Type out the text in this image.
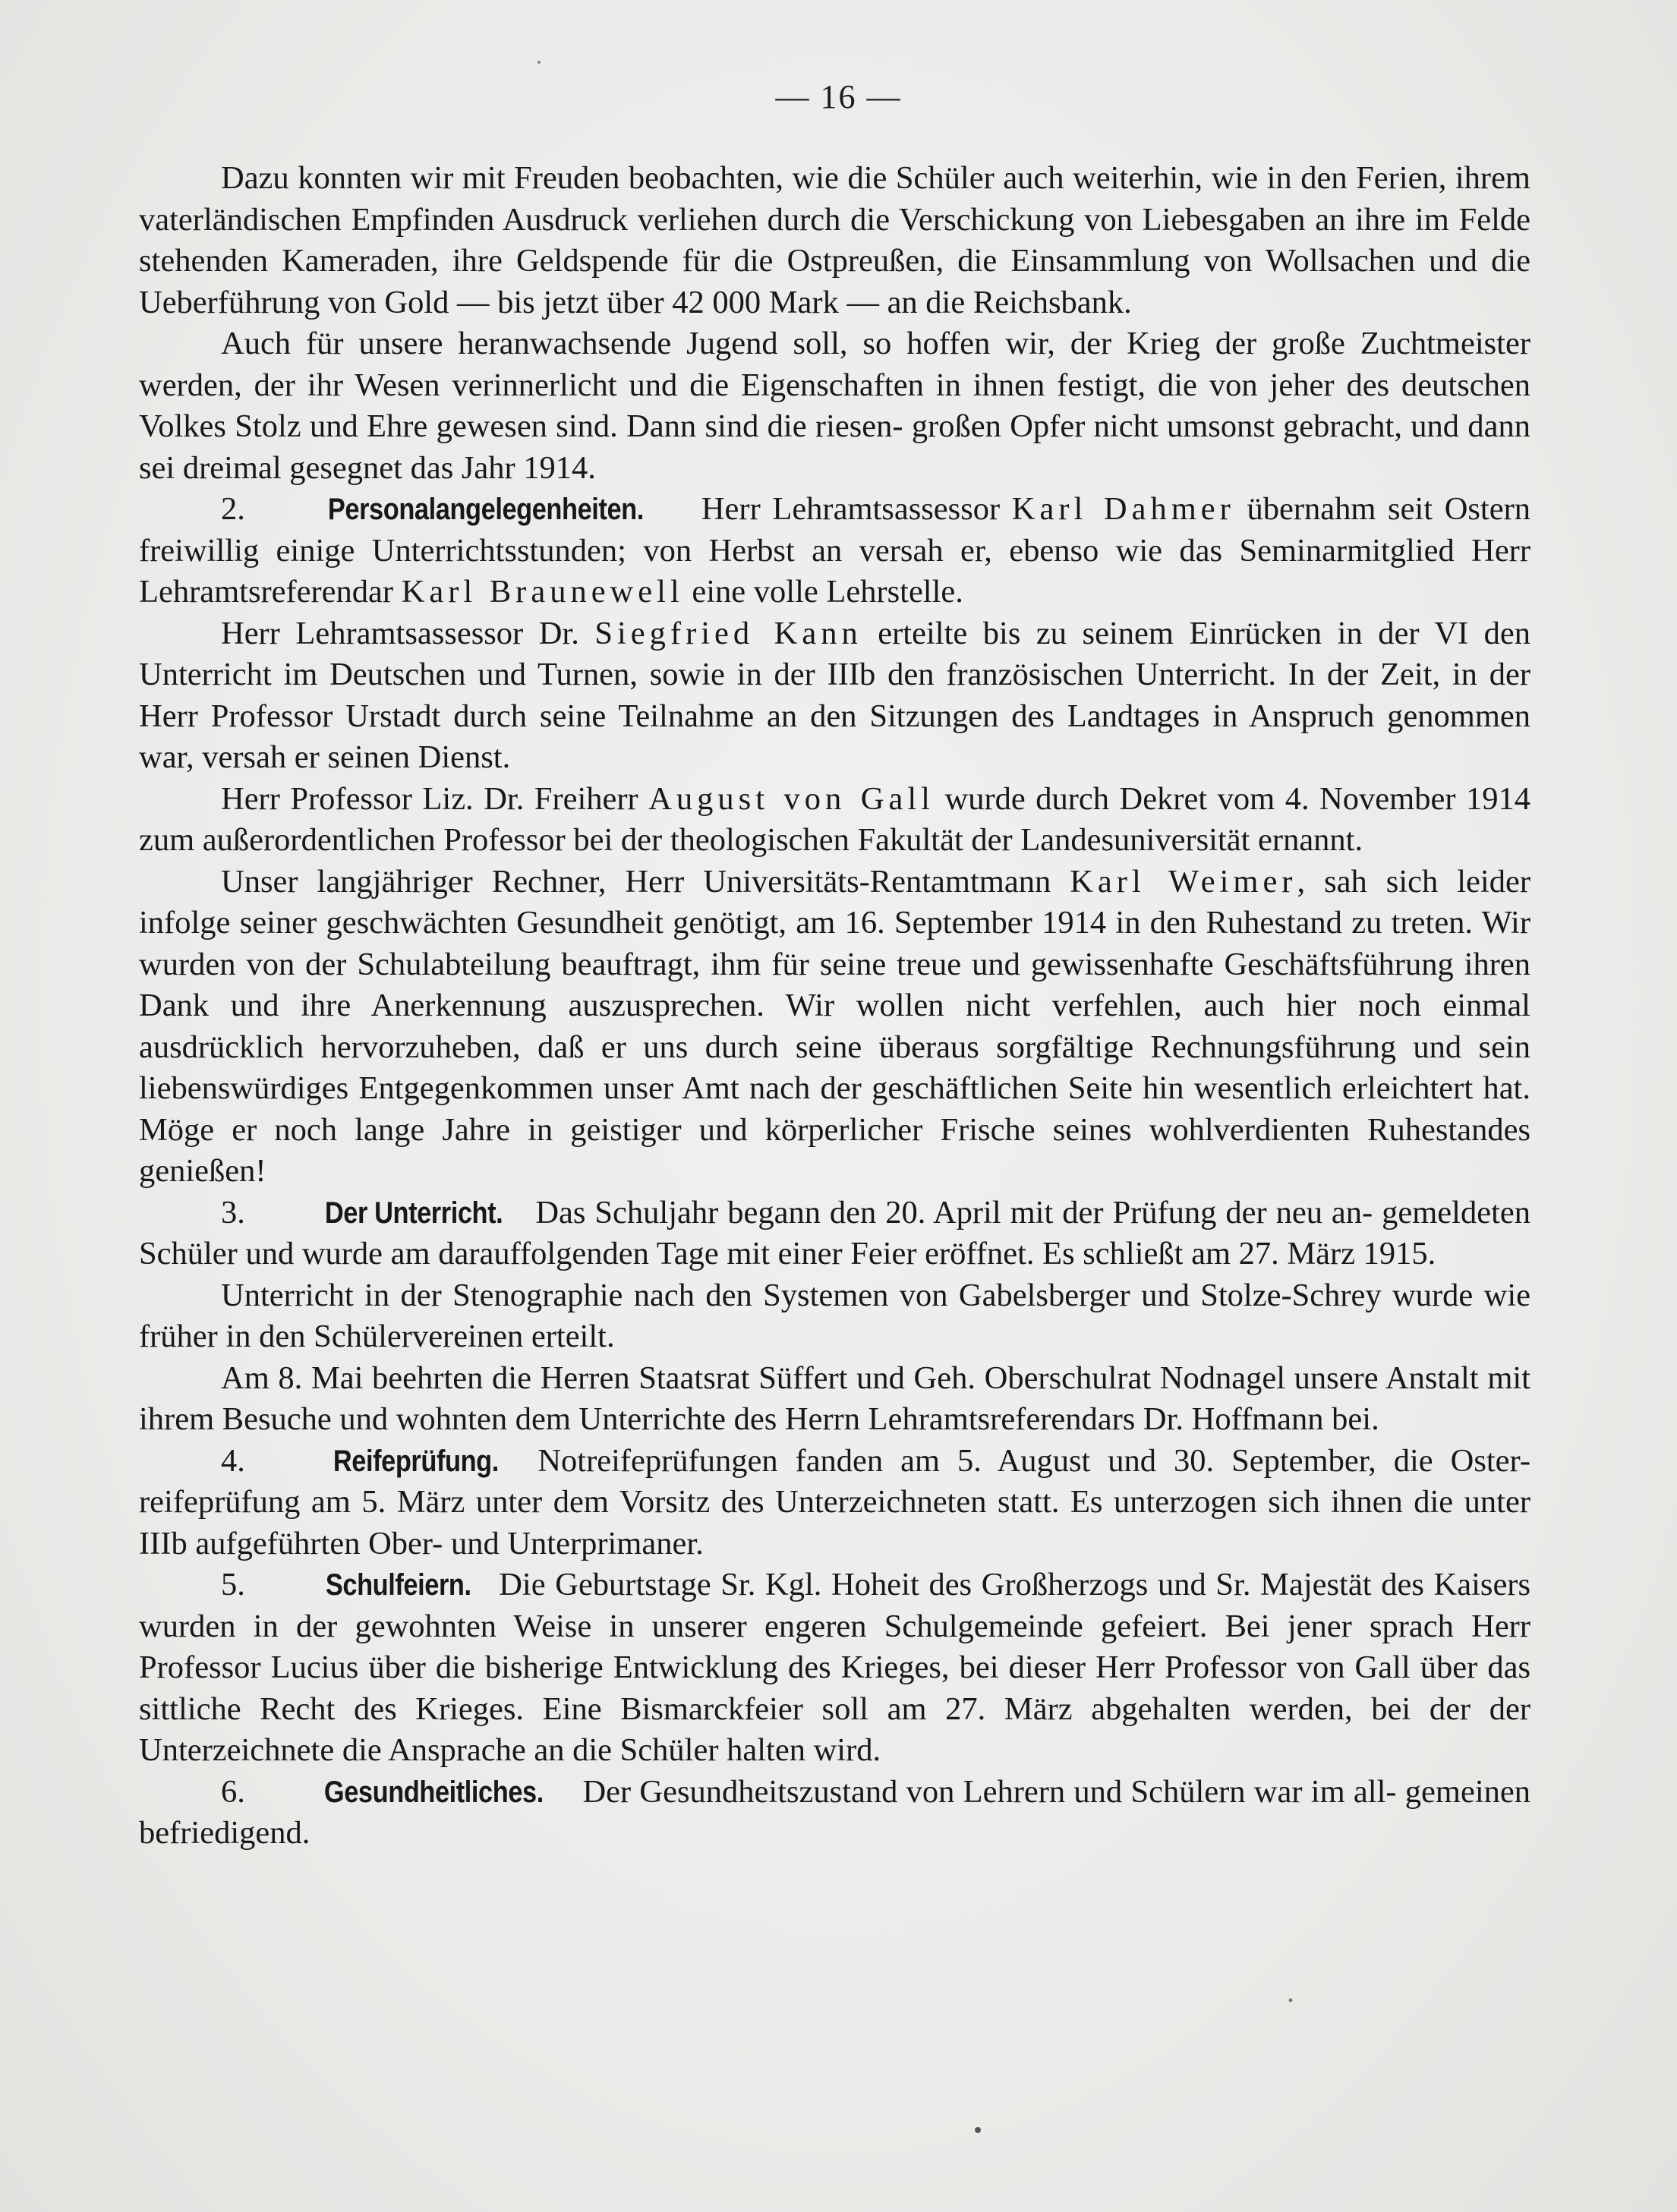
— 16 —

Dazu konnten wir mit Freuden beobachten, wie die Schüler auch weiterhin, wie in den Ferien, ihrem vaterländischen Empfinden Ausdruck verliehen durch die Verschickung von Liebesgaben an ihre im Felde stehenden Kameraden, ihre Geldspende für die Ostpreußen, die Einsammlung von Wollsachen und die Ueberführung von Gold — bis jetzt über 42 000 Mark — an die Reichsbank.

Auch für unsere heranwachsende Jugend soll, so hoffen wir, der Krieg der große Zuchtmeister werden, der ihr Wesen verinnerlicht und die Eigenschaften in ihnen festigt, die von jeher des deutschen Volkes Stolz und Ehre gewesen sind. Dann sind die riesen- großen Opfer nicht umsonst gebracht, und dann sei dreimal gesegnet das Jahr 1914.

2.	Personalangelegenheiten. Herr Lehramtsassessor Karl Dahmer übernahm seit Ostern freiwillig einige Unterrichtsstunden; von Herbst an versah er, ebenso wie das Seminarmitglied Herr Lehramtsreferendar Karl Braunewell eine volle Lehrstelle.

Herr Lehramtsassessor Dr. Siegfried Kann erteilte bis zu seinem Einrücken in der VI den Unterricht im Deutschen und Turnen, sowie in der IIIb den französischen Unterricht. In der Zeit, in der Herr Professor Urstadt durch seine Teilnahme an den Sitzungen des Landtages in Anspruch genommen war, versah er seinen Dienst.

Herr Professor Liz. Dr. Freiherr August von Gall wurde durch Dekret vom 4. November 1914 zum außerordentlichen Professor bei der theologischen Fakultät der Landesuniversität ernannt.

Unser langjähriger Rechner, Herr Universitäts-Rentamtmann Karl Weimer, sah sich leider infolge seiner geschwächten Gesundheit genötigt, am 16. September 1914 in den Ruhestand zu treten. Wir wurden von der Schulabteilung beauftragt, ihm für seine treue und gewissenhafte Geschäftsführung ihren Dank und ihre Anerkennung auszusprechen. Wir wollen nicht verfehlen, auch hier noch einmal ausdrücklich hervorzuheben, daß er uns durch seine überaus sorgfältige Rechnungsführung und sein liebenswürdiges Entgegenkommen unser Amt nach der geschäftlichen Seite hin wesentlich erleichtert hat. Möge er noch lange Jahre in geistiger und körperlicher Frische seines wohlverdienten Ruhestandes genießen!

3.	Der Unterricht. Das Schuljahr begann den 20. April mit der Prüfung der neu an- gemeldeten Schüler und wurde am darauffolgenden Tage mit einer Feier eröffnet. Es schließt am 27. März 1915.

Unterricht in der Stenographie nach den Systemen von Gabelsberger und Stolze-Schrey wurde wie früher in den Schülervereinen erteilt.

Am 8. Mai beehrten die Herren Staatsrat Süffert und Geh. Oberschulrat Nodnagel unsere Anstalt mit ihrem Besuche und wohnten dem Unterrichte des Herrn Lehramtsreferendars Dr. Hoffmann bei.

4.	Reifeprüfung. Notreifeprüfungen fanden am 5. August und 30. September, die Oster- reifeprüfung am 5. März unter dem Vorsitz des Unterzeichneten statt. Es unterzogen sich ihnen die unter IIIb aufgeführten Ober- und Unterprimaner.

5.	Schulfeiern. Die Geburtstage Sr. Kgl. Hoheit des Großherzogs und Sr. Majestät des Kaisers wurden in der gewohnten Weise in unserer engeren Schulgemeinde gefeiert. Bei jener sprach Herr Professor Lucius über die bisherige Entwicklung des Krieges, bei dieser Herr Professor von Gall über das sittliche Recht des Krieges. Eine Bismarckfeier soll am 27. März abgehalten werden, bei der der Unterzeichnete die Ansprache an die Schüler halten wird.

6.	Gesundheitliches. Der Gesundheitszustand von Lehrern und Schülern war im all- gemeinen befriedigend.
